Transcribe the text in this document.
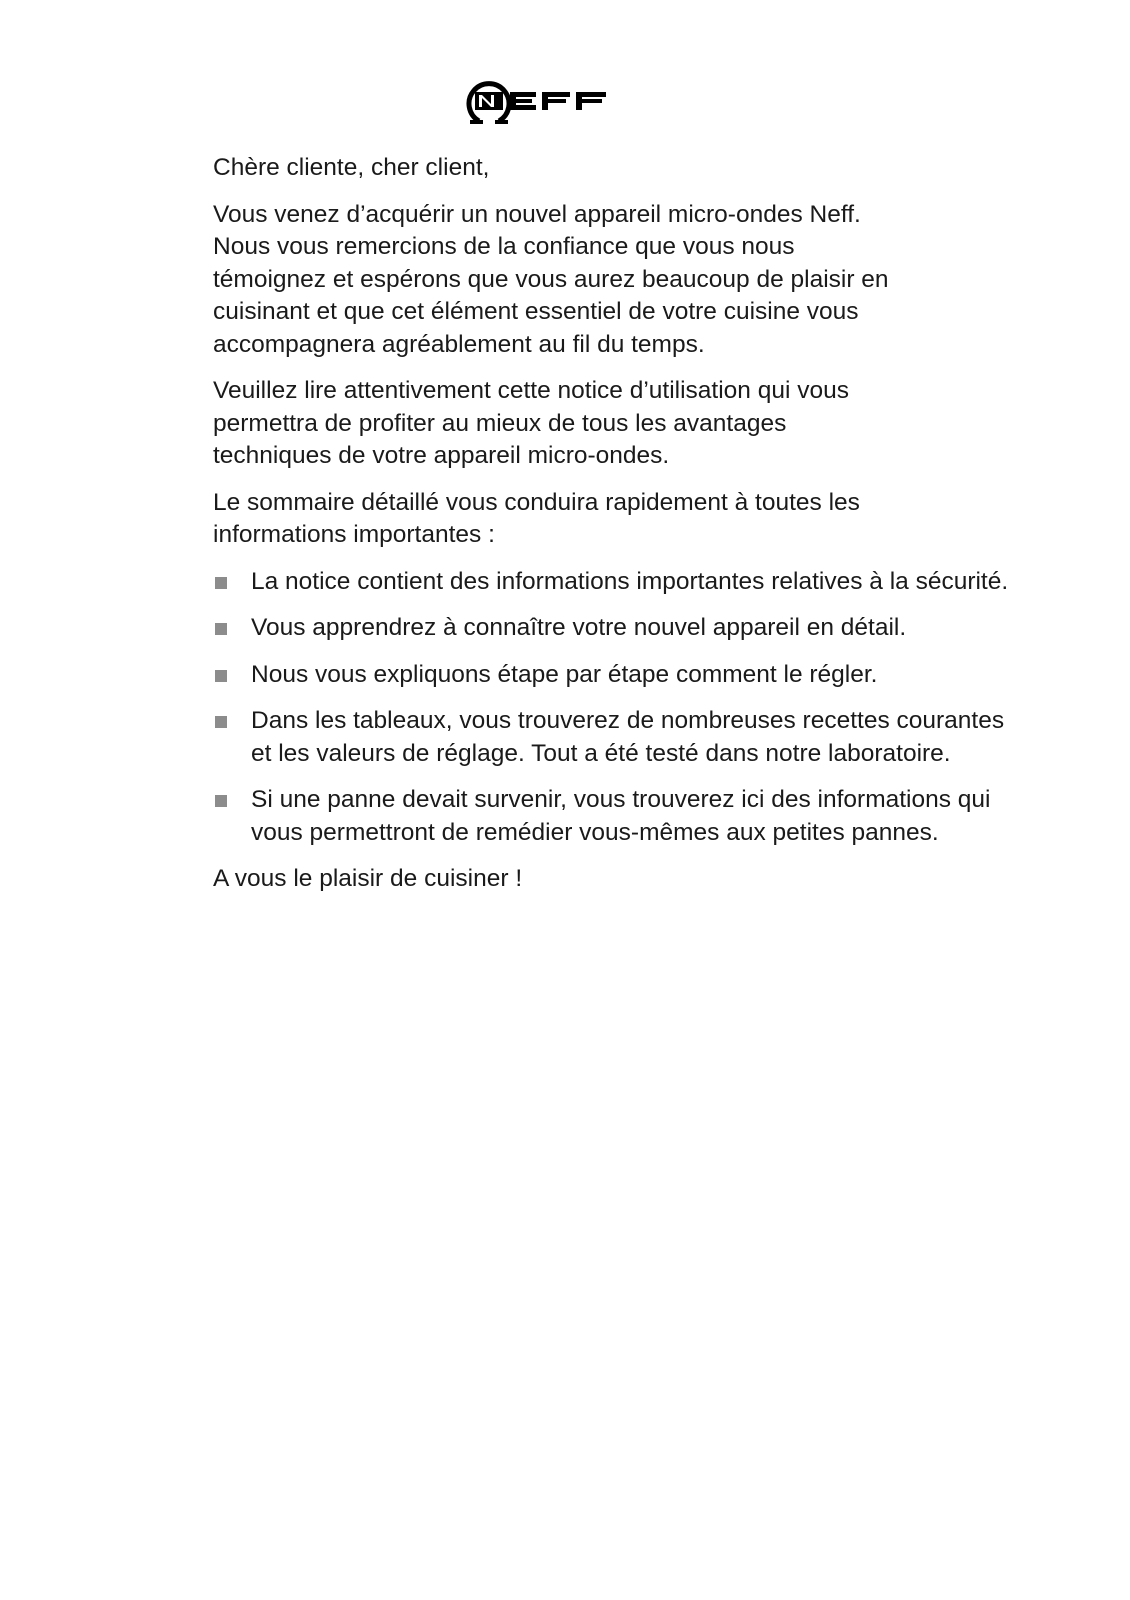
Chère cliente, cher client,

Vous venez d’acquérir un nouvel appareil micro-ondes Neff.
Nous vous remercions de la confiance que vous nous
témoignez et espérons que vous aurez beaucoup de plaisir en
cuisinant et que cet élément essentiel de votre cuisine vous
accompagnera agréablement au fil du temps.

Veuillez lire attentivement cette notice d’utilisation qui vous
permettra de profiter au mieux de tous les avantages
techniques de votre appareil micro-ondes.

Le sommaire détaillé vous conduira rapidement à toutes les
informations importantes :

La notice contient des informations importantes relatives à la sécurité.
Vous apprendrez à connaître votre nouvel appareil en détail.
Nous vous expliquons étape par étape comment le régler.
Dans les tableaux, vous trouverez de nombreuses recettes courantes
et les valeurs de réglage. Tout a été testé dans notre laboratoire.
Si une panne devait survenir, vous trouverez ici des informations qui
vous permettront de remédier vous-mêmes aux petites pannes.

A vous le plaisir de cuisiner !
